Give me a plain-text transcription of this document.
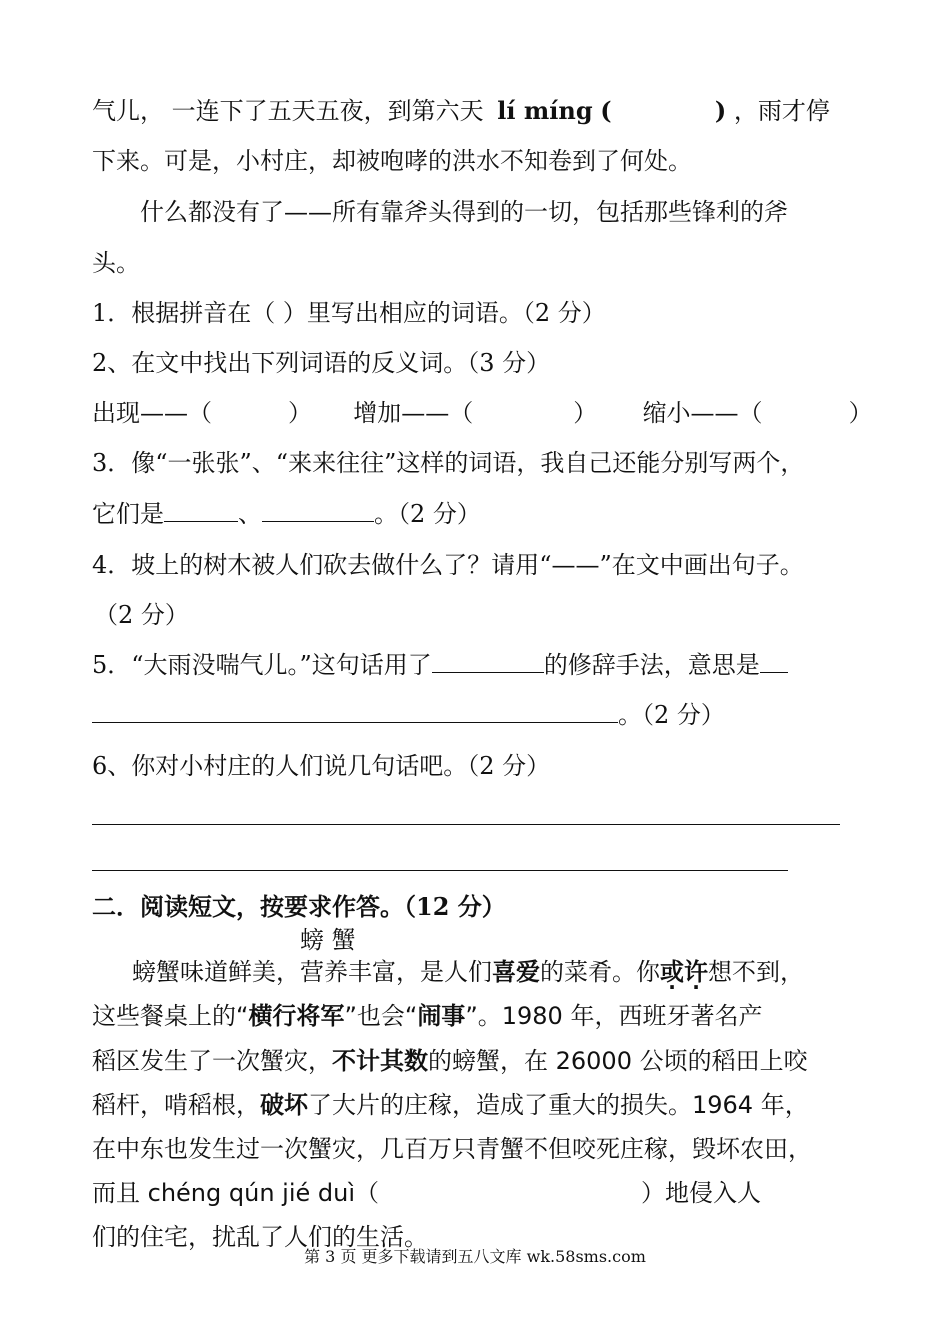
气儿， 一连下了五天五夜，到第六天 lí míng (	) ，雨才停
下来。可是，小村庄，却被咆哮的洪水不知卷到了何处。
什么都没有了——所有靠斧头得到的一切，包括那些锋利的斧
头。
1．根据拼音在（ ）里写出相应的词语。（2 分）
2、在文中找出下列词语的反义词。（3 分）
出现——（	） 增加——（	） 缩小——（	）
3．像“一张张”、“来来往往”这样的词语，我自己还能分别写两个，
它们是	、	。（2 分）
4．坡上的树木被人们砍去做什么了？请用“——”在文中画出句子。
（2 分）
5．“大雨没喘气儿。”这句话用了	的修辞手法，意思是
。（2 分）
6、你对小村庄的人们说几句话吧。（2 分）
二．阅读短文，按要求作答。（12 分）
螃 蟹
螃蟹味道鲜美，营养丰富，是人们喜爱的菜肴。你或许想不到，
这些餐桌上的“横行将军”也会“闹事”。1980 年，西班牙著名产
稻区发生了一次蟹灾，不计其数的螃蟹，在 26000 公顷的稻田上咬
稻杆，啃稻根，破坏了大片的庄稼，造成了重大的损失。1964 年，
在中东也发生过一次蟹灾，几百万只青蟹不但咬死庄稼，毁坏农田，
而且 chéng qún jié duì（	）地侵入人
们的住宅，扰乱了人们的生活。
第 3 页 更多下载请到五八文库 wk.58sms.com
